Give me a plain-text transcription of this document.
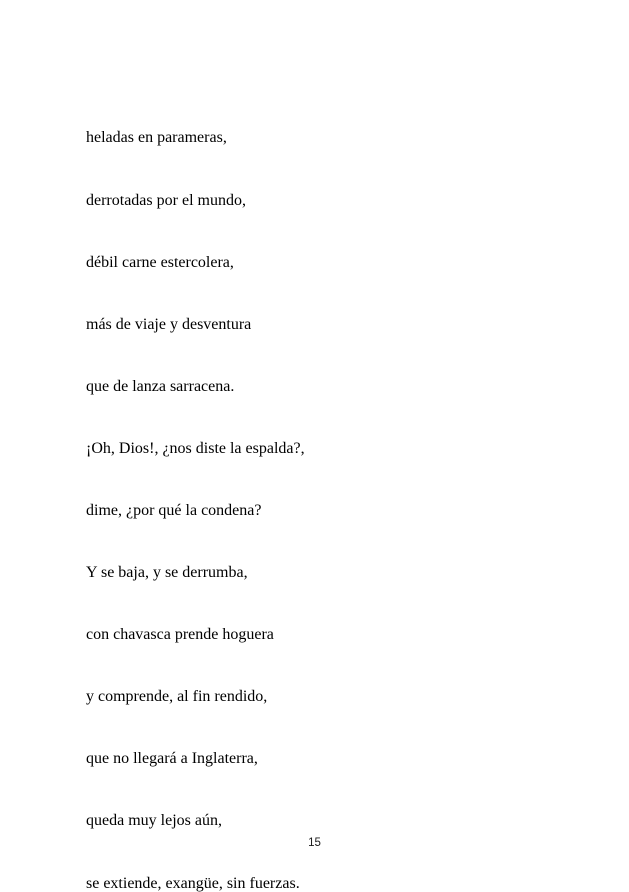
heladas en parameras,

derrotadas por el mundo,

débil carne estercolera,

más de viaje y desventura

que de lanza sarracena.

¡Oh, Dios!, ¿nos diste la espalda?,

dime, ¿por qué la condena?

Y se baja, y se derrumba,

con chavasca prende hoguera

y comprende, al fin rendido,

que no llegará a Inglaterra,

queda muy lejos aún,

se extiende, exangüe, sin fuerzas.

15
